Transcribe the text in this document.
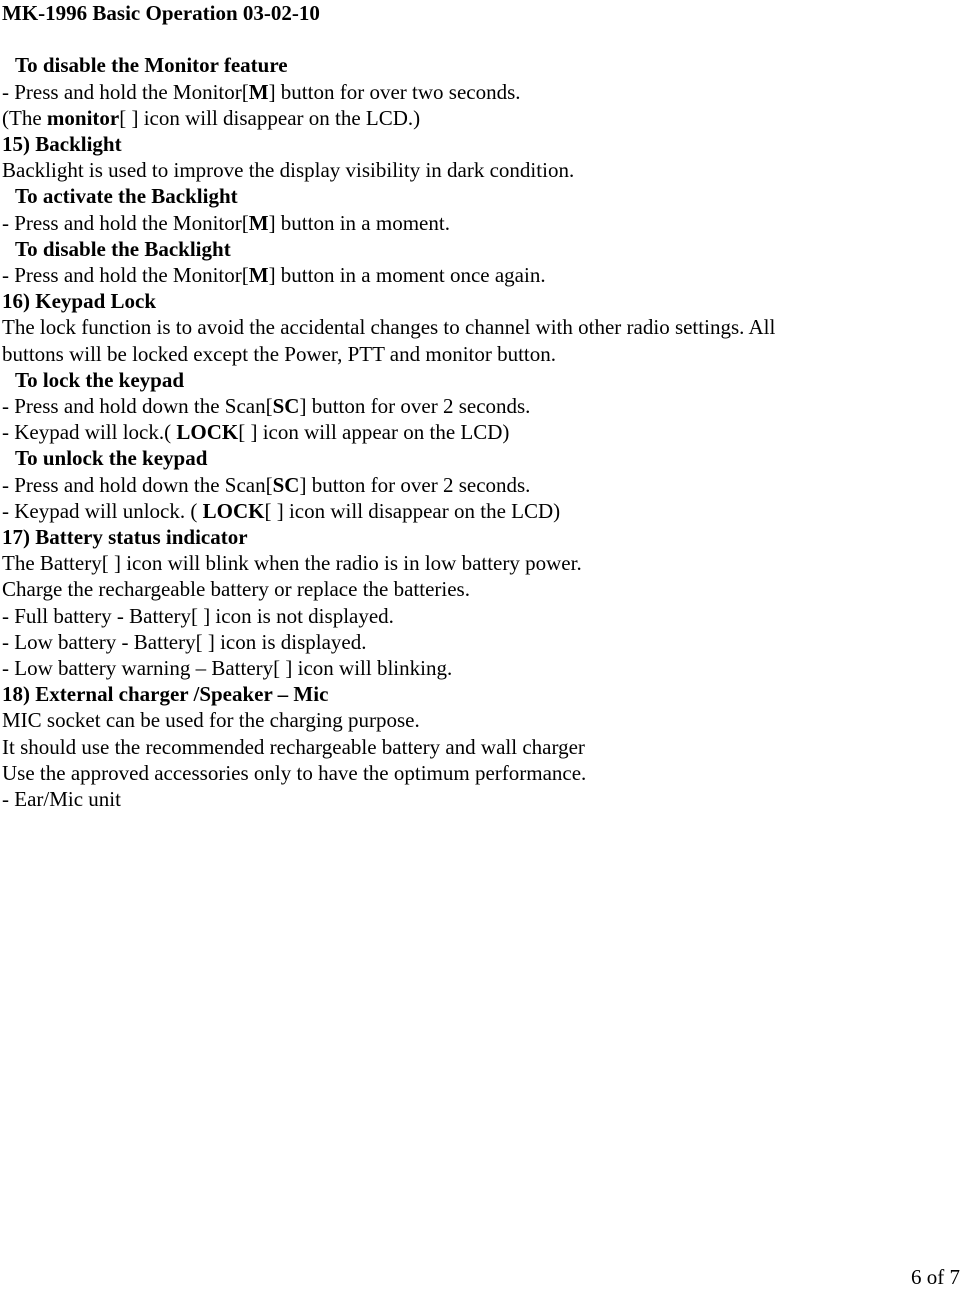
MK-1996 Basic Operation 03-02-10

To disable the Monitor feature
- Press and hold the Monitor[M] button for over two seconds.
(The monitor[ ] icon will disappear on the LCD.)
15) Backlight
Backlight is used to improve the display visibility in dark condition.
To activate the Backlight
- Press and hold the Monitor[M] button in a moment.
To disable the Backlight
- Press and hold the Monitor[M] button in a moment once again.
16) Keypad Lock
The lock function is to avoid the accidental changes to channel with other radio settings. All
buttons will be locked except the Power, PTT and monitor button.
To lock the keypad
- Press and hold down the Scan[SC] button for over 2 seconds.
- Keypad will lock.( LOCK[ ] icon will appear on the LCD)
To unlock the keypad
- Press and hold down the Scan[SC] button for over 2 seconds.
- Keypad will unlock. ( LOCK[ ] icon will disappear on the LCD)
17) Battery status indicator
The Battery[ ] icon will blink when the radio is in low battery power.
Charge the rechargeable battery or replace the batteries.
- Full battery - Battery[ ] icon is not displayed.
- Low battery - Battery[ ] icon is displayed.
- Low battery warning – Battery[ ] icon will blinking.
18) External charger /Speaker – Mic
MIC socket can be used for the charging purpose.
It should use the recommended rechargeable battery and wall charger
Use the approved accessories only to have the optimum performance.
- Ear/Mic unit
6 of 7
